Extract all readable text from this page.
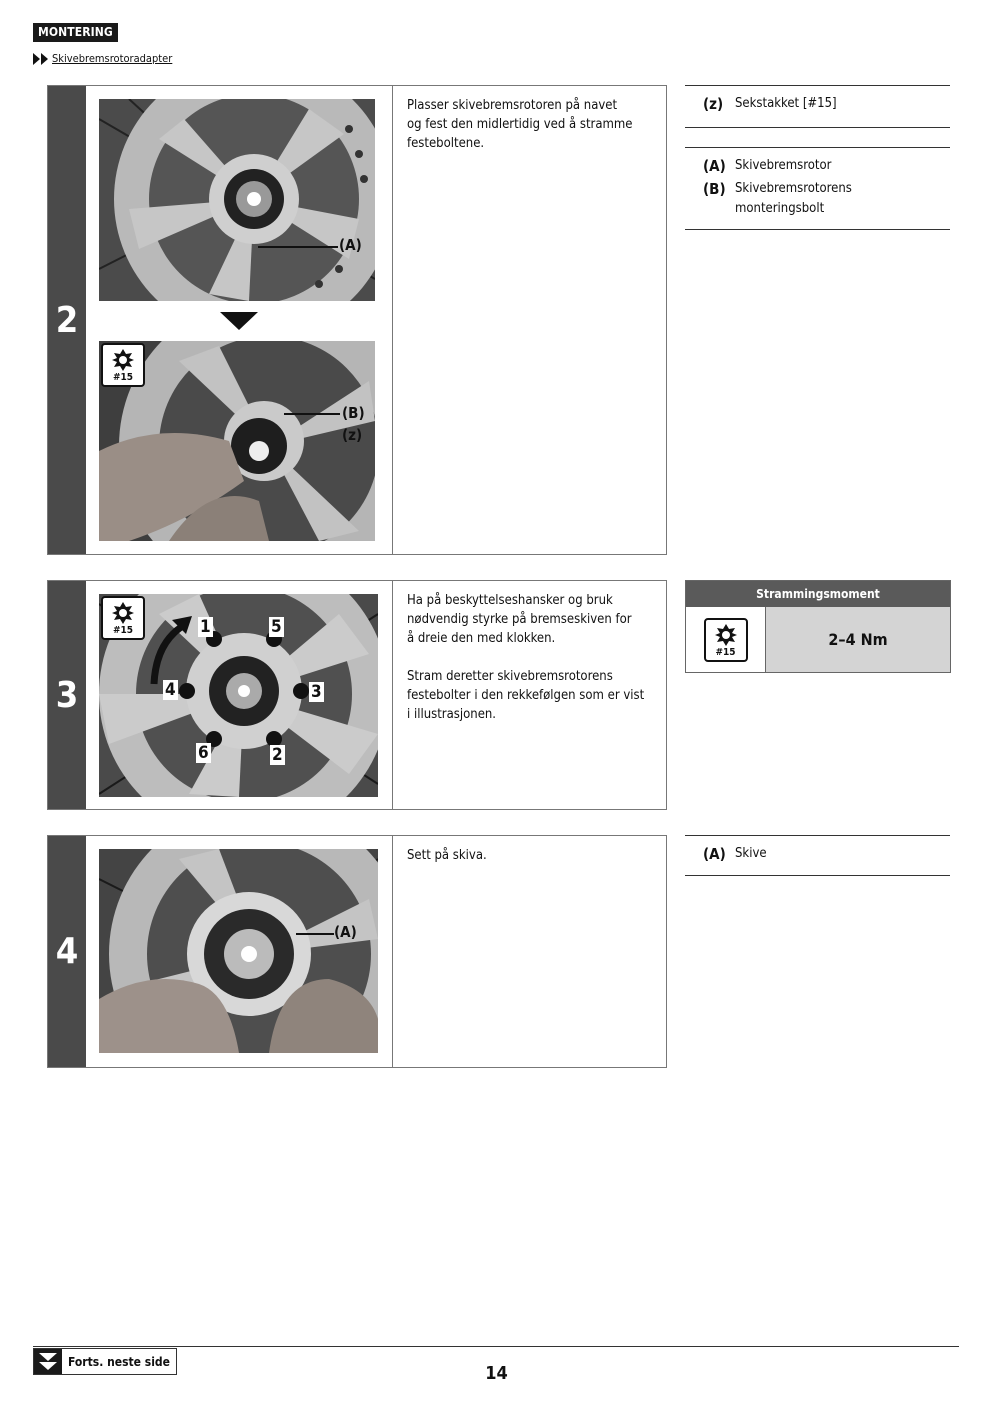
MONTERING
Skivebremsrotoradapter
2
#15
(A)
(B)
(z)
Plasser skivebremsrotoren på navet
og fest den midlertidig ved å stramme
festeboltene.
(z) Sekstakket [#15]
(A) Skivebremsrotor
(B) Skivebremsrotorens monteringsbolt
3
#15	1	5
4	3
6	2
Ha på beskyttelseshansker og bruk
nødvendig styrke på bremseskiven for
å dreie den med klokken.

Stram deretter skivebremsrotorens
festebolter i den rekkefølgen som er vist
i illustrasjonen.
Strammingsmoment
#15
2–4 Nm
4	(A)
Sett på skiva.	(A) Skive
Forts. neste side
14
